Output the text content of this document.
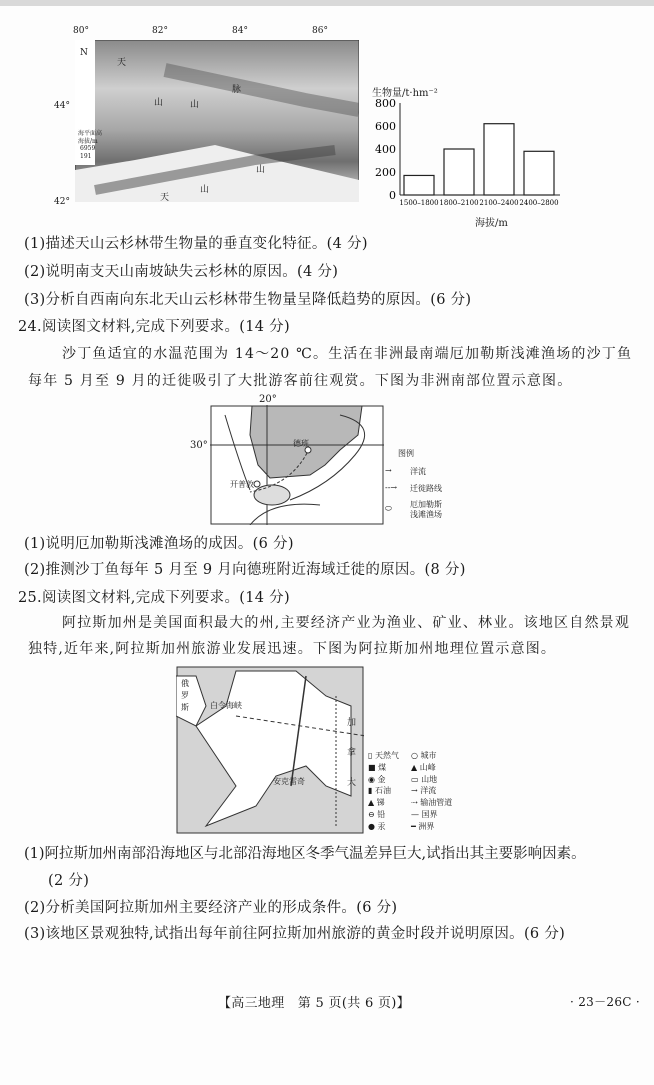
80°	82°	84°	86°
44°
42°
N
海平面高
海拔/m
6959
191
天
山	山
脉
山
山
天
生物量/t·hm⁻²
0
200
400
600
800
1500–1800 1800–2100 2100–2400 2400–2800
海拔/m
(1)描述天山云杉林带生物量的垂直变化特征。(4 分)
(2)说明南支天山南坡缺失云杉林的原因。(4 分)
(3)分析自西南向东北天山云杉林带生物量呈降低趋势的原因。(6 分)
24.阅读图文材料,完成下列要求。(14 分)
沙丁鱼适宜的水温范围为 14～20 ℃。生活在非洲最南端厄加勒斯浅滩渔场的沙丁鱼
每年 5 月至 9 月的迁徙吸引了大批游客前往观赏。下图为非洲南部位置示意图。
20°
30°	德班
开普敦
图例
→ 洋流
--→ 迁徙路线
⬭ 厄加勒斯
浅滩渔场
(1)说明厄加勒斯浅滩渔场的成因。(6 分)
(2)推测沙丁鱼每年 5 月至 9 月向德班附近海域迁徙的原因。(8 分)
25.阅读图文材料,完成下列要求。(14 分)
阿拉斯加州是美国面积最大的州,主要经济产业为渔业、矿业、林业。该地区自然景观
独特,近年来,阿拉斯加州旅游业发展迅速。下图为阿拉斯加州地理位置示意图。
俄
罗
斯	白令海峡
加
拿
大
安克雷奇
▯ 天然气
■ 煤
◉ 金
▮ 石油
▲ 锑
⊖ 铅
● 汞
○ 城市
▲ 山峰
▭ 山地
→ 洋流
⇢ 输油管道
— 国界
━ 洲界
(1)阿拉斯加州南部沿海地区与北部沿海地区冬季气温差异巨大,试指出其主要影响因素。
(2 分)
(2)分析美国阿拉斯加州主要经济产业的形成条件。(6 分)
(3)该地区景观独特,试指出每年前往阿拉斯加州旅游的黄金时段并说明原因。(6 分)
【高三地理　第 5 页(共 6 页)】	· 23－26C ·
